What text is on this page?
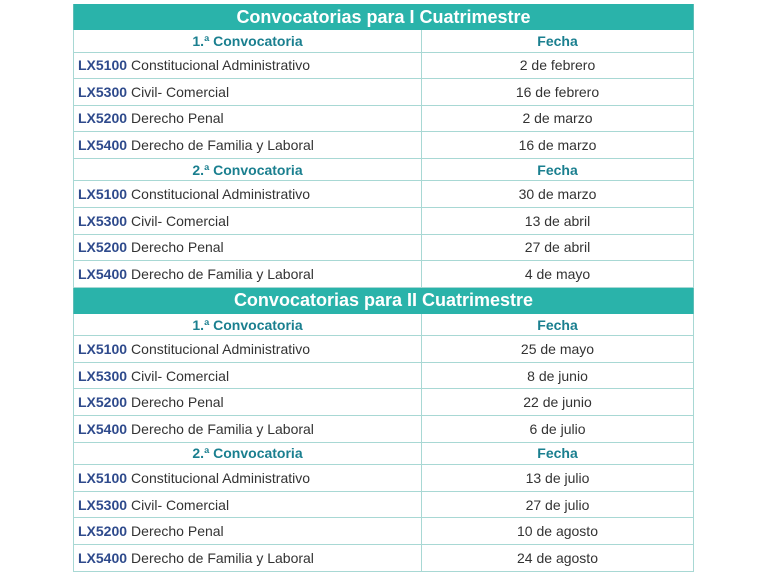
Convocatorias para I Cuatrimestre
1.ª Convocatoria	Fecha
LX5100 Constitucional Administrativo	2 de febrero
LX5300 Civil- Comercial	16 de febrero
LX5200 Derecho Penal	2 de marzo
LX5400 Derecho de Familia y Laboral	16 de marzo
2.ª Convocatoria	Fecha
LX5100 Constitucional Administrativo	30 de marzo
LX5300 Civil- Comercial	13 de abril
LX5200 Derecho Penal	27 de abril
LX5400 Derecho de Familia y Laboral	4 de mayo
Convocatorias para II Cuatrimestre
1.ª Convocatoria	Fecha
LX5100 Constitucional Administrativo	25 de mayo
LX5300 Civil- Comercial	8 de junio
LX5200 Derecho Penal	22 de junio
LX5400 Derecho de Familia y Laboral	6 de julio
2.ª Convocatoria	Fecha
LX5100 Constitucional Administrativo	13 de julio
LX5300 Civil- Comercial	27 de julio
LX5200 Derecho Penal	10 de agosto
LX5400 Derecho de Familia y Laboral	24 de agosto
